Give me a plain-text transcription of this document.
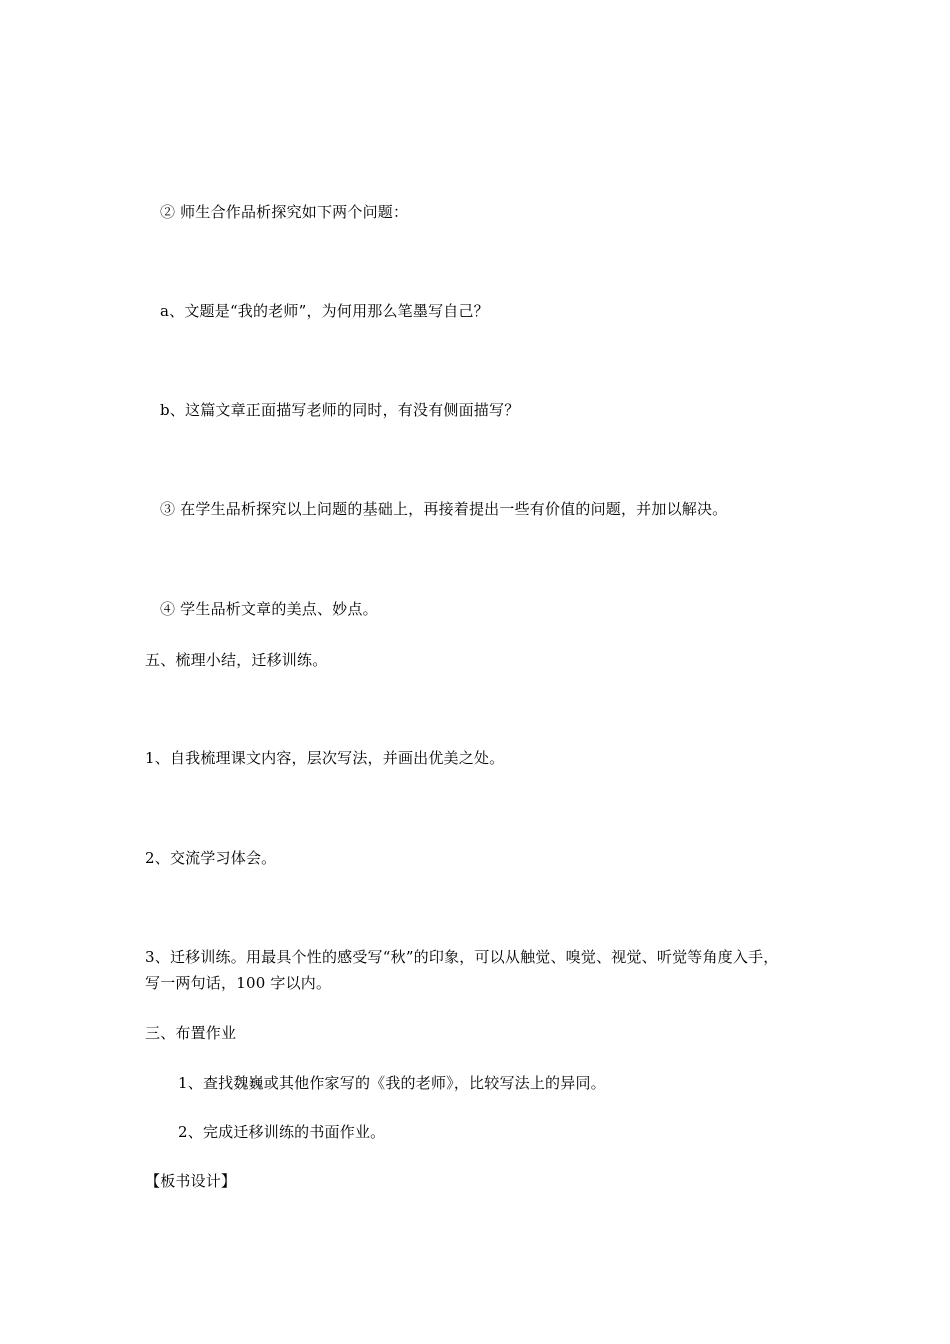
② 师生合作品析探究如下两个问题：
a、文题是“我的老师”，为何用那么笔墨写自己？
b、这篇文章正面描写老师的同时，有没有侧面描写？
③ 在学生品析探究以上问题的基础上，再接着提出一些有价值的问题，并加以解决。
④ 学生品析文章的美点、妙点。
五、梳理小结，迁移训练。
1、自我梳理课文内容，层次写法，并画出优美之处。
2、交流学习体会。
3、迁移训练。用最具个性的感受写“秋”的印象，可以从触觉、嗅觉、视觉、听觉等角度入手，
写一两句话，100 字以内。
三、布置作业
1、查找魏巍或其他作家写的《我的老师》，比较写法上的异同。
2、完成迁移训练的书面作业。
【板书设计】
